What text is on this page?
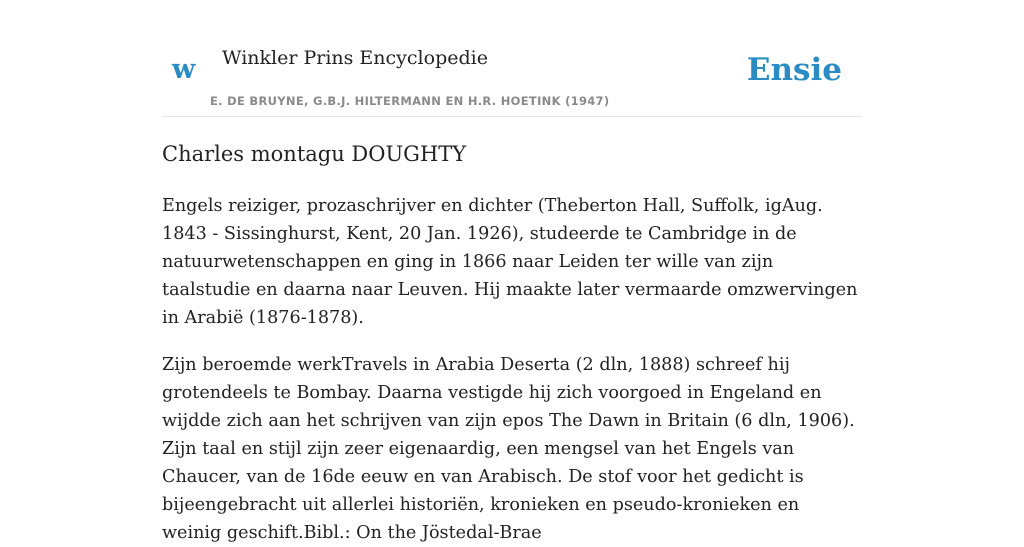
w Winkler Prins Encyclopedie
E. DE BRUYNE, G.B.J. HILTERMANN EN H.R. HOETINK (1947)
Ensie
Charles montagu DOUGHTY

Engels reiziger, prozaschrijver en dichter (Theberton Hall, Suffolk, igAug. 1843 - Sissinghurst, Kent, 20 Jan. 1926), studeerde te Cambridge in de natuurwetenschappen en ging in 1866 naar Leiden ter wille van zijn taalstudie en daarna naar Leuven. Hij maakte later vermaarde omzwervingen in Arabië (1876-1878).

Zijn beroemde werkTravels in Arabia Deserta (2 dln, 1888) schreef hij grotendeels te Bombay. Daarna vestigde hij zich voorgoed in Engeland en wijdde zich aan het schrijven van zijn epos The Dawn in Britain (6 dln, 1906). Zijn taal en stijl zijn zeer eigenaardig, een mengsel van het Engels van Chaucer, van de 16de eeuw en van Arabisch. De stof voor het gedicht is bijeengebracht uit allerlei historiën, kronieken en pseudo-kronieken en weinig geschift.Bibl.: On the Jöstedal-Brae
